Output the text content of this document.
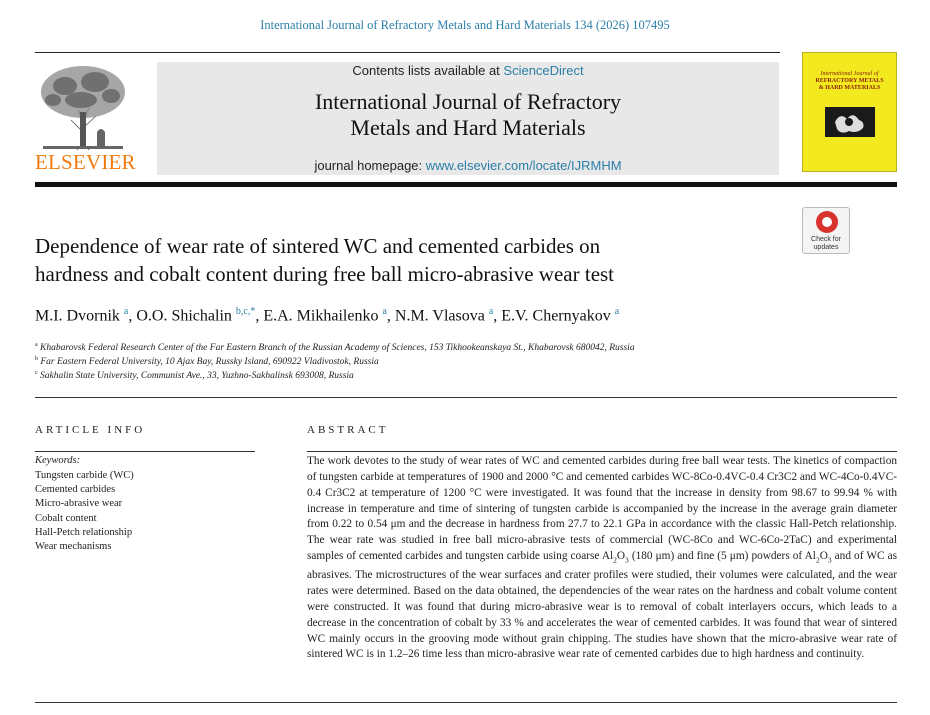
International Journal of Refractory Metals and Hard Materials 134 (2026) 107495
ELSEVIER
Contents lists available at ScienceDirect
International Journal of Refractory
Metals and Hard Materials
journal homepage: www.elsevier.com/locate/IJRMHM
International Journal of
REFRACTORY METALS
& HARD MATERIALS
Check for
updates
Dependence of wear rate of sintered WC and cemented carbides on
hardness and cobalt content during free ball micro-abrasive wear test
M.I. Dvornik $^a$, O.O. Shichalin $^{b,c,*}$, E.A. Mikhailenko $^a$, N.M. Vlasova $^a$, E.V. Chernyakov $^a$
$^a$ Khabarovsk Federal Research Center of the Far Eastern Branch of the Russian Academy of Sciences, 153 Tikhookeanskaya St., Khabarovsk 680042, Russia
$^b$ Far Eastern Federal University, 10 Ajax Bay, Russky Island, 690922 Vladivostok, Russia
$^c$ Sakhalin State University, Communist Ave., 33, Yuzhno-Sakhalinsk 693008, Russia
ARTICLE INFO
Keywords:
Tungsten carbide (WC)
Cemented carbides
Micro-abrasive wear
Cobalt content
Hall-Petch relationship
Wear mechanisms
ABSTRACT
The work devotes to the study of wear rates of WC and cemented carbides during free ball wear tests. The kinetics of compaction of tungsten carbide at temperatures of 1900 and 2000 °C and cemented carbides WC-8Co-0.4VC-0.4 Cr3C2 and WC-4Co-0.4VC-0.4 Cr3C2 at temperature of 1200 °C were investigated. It was found that the increase in density from 98.67 to 99.94 % with increase in temperature and time of sintering of tungsten carbide is accompanied by the increase in the average grain diameter from 0.22 to 0.54 μm and the decrease in hardness from 27.7 to 22.1 GPa in accordance with the classic Hall-Petch relationship. The wear rate was studied in free ball micro-abrasive tests of commercial (WC-8Co and WC-6Co-2TaC) and experimental samples of cemented carbides and tungsten carbide using coarse $Al_2O_3$ (180 μm) and fine (5 μm) powders of $Al_2O_3$ and of WC as abrasives. The microstructures of the wear surfaces and crater profiles were studied, their volumes were calculated, and the wear rates were determined. Based on the data obtained, the dependencies of the wear rates on the hardness and cobalt volume content were constructed. It was found that during micro-abrasive wear is to removal of cobalt interlayers occurs, which leads to a decrease in the concentration of cobalt by 33 % and accelerates the wear of cemented carbides. It was found that wear of sintered WC mainly occurs in the grooving mode without grain chipping. The studies have shown that the micro-abrasive wear rate of sintered WC is in 1.2–26 time less than micro-abrasive wear rate of cemented carbides due to high hardness and continuity.
